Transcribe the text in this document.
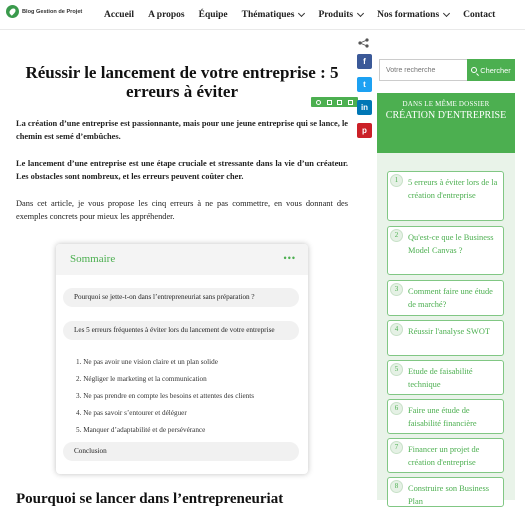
Blog Gestion de Projet Accueil A propos Équipe Thématiques	Produits	Nos formations	Contact
Réussir le lancement de votre entreprise : 5 erreurs à éviter

La création d’une entreprise est passionnante, mais pour une jeune entreprise qui se lance, le chemin est semé d’embûches.

Le lancement d’une entreprise est une étape cruciale et stressante dans la vie d’un créateur. Les obstacles sont nombreux, et les erreurs peuvent coûter cher.

Dans cet article, je vous propose les cinq erreurs à ne pas commettre, en vous donnant des exemples concrets pour mieux les appréhender.

f
t
in
p
Sommaire	•••
Pourquoi se jette-t-on dans l’entrepreneuriat sans préparation ?
Les 5 erreurs fréquentes à éviter lors du lancement de votre entreprise
1. Ne pas avoir une vision claire et un plan solide
2. Négliger le marketing et la communication
3. Ne pas prendre en compte les besoins et attentes des clients
4. Ne pas savoir s’entourer et déléguer
5. Manquer d’adaptabilité et de persévérance
Conclusion
Votre recherche
Chercher
DANS LE MÊME DOSSIER
CRÉATION D'ENTREPRISE
1	5 erreurs à éviter lors de la création d'entreprise
2	Qu'est-ce que le Business Model Canvas ?
3	Comment faire une étude de marché?
4	Réussir l'analyse SWOT
5	Etude de faisabilité technique
6	Faire une étude de faisabilité financière
7	Financer un projet de création d'entreprise
8	Construire son Business Plan
Pourquoi se lancer dans l’entrepreneuriat
